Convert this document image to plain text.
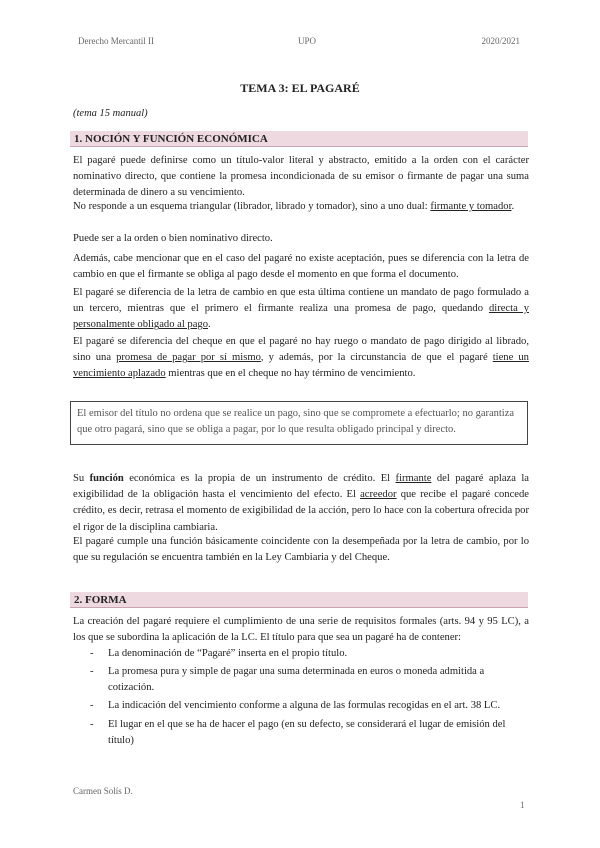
Derecho Mercantil II	UPO	2020/2021
TEMA 3: EL PAGARÉ
(tema 15 manual)
1. NOCIÓN Y FUNCIÓN ECONÓMICA
El pagaré puede definirse como un título-valor literal y abstracto, emitido a la orden con el carácter nominativo directo, que contiene la promesa incondicionada de su emisor o firmante de pagar una suma determinada de dinero a su vencimiento.
No responde a un esquema triangular (librador, librado y tomador), sino a uno dual: firmante y tomador.
Puede ser a la orden o bien nominativo directo.
Además, cabe mencionar que en el caso del pagaré no existe aceptación, pues se diferencia con la letra de cambio en que el firmante se obliga al pago desde el momento en que forma el documento.
El pagaré se diferencia de la letra de cambio en que esta última contiene un mandato de pago formulado a un tercero, mientras que el primero el firmante realiza una promesa de pago, quedando directa y personalmente obligado al pago.
El pagaré se diferencia del cheque en que el pagaré no hay ruego o mandato de pago dirigido al librado, sino una promesa de pagar por sí mismo, y además, por la circunstancia de que el pagaré tiene un vencimiento aplazado mientras que en el cheque no hay término de vencimiento.
El emisor del título no ordena que se realice un pago, sino que se compromete a efectuarlo; no garantiza que otro pagará, sino que se obliga a pagar, por lo que resulta obligado principal y directo.
Su función económica es la propia de un instrumento de crédito. El firmante del pagaré aplaza la exigibilidad de la obligación hasta el vencimiento del efecto. El acreedor que recibe el pagaré concede crédito, es decir, retrasa el momento de exigibilidad de la acción, pero lo hace con la cobertura ofrecida por el rigor de la disciplina cambiaria.
El pagaré cumple una función básicamente coincidente con la desempeñada por la letra de cambio, por lo que su regulación se encuentra también en la Ley Cambiaria y del Cheque.
2. FORMA
La creación del pagaré requiere el cumplimiento de una serie de requisitos formales (arts. 94 y 95 LC), a los que se subordina la aplicación de la LC. El título para que sea un pagaré ha de contener:
- La denominación de “Pagaré” inserta en el propio título.
- La promesa pura y simple de pagar una suma determinada en euros o moneda admitida a cotización.
- La indicación del vencimiento conforme a alguna de las formulas recogidas en el art. 38 LC.
- El lugar en el que se ha de hacer el pago (en su defecto, se considerará el lugar de emisión del título)
Carmen Solís D.
1
